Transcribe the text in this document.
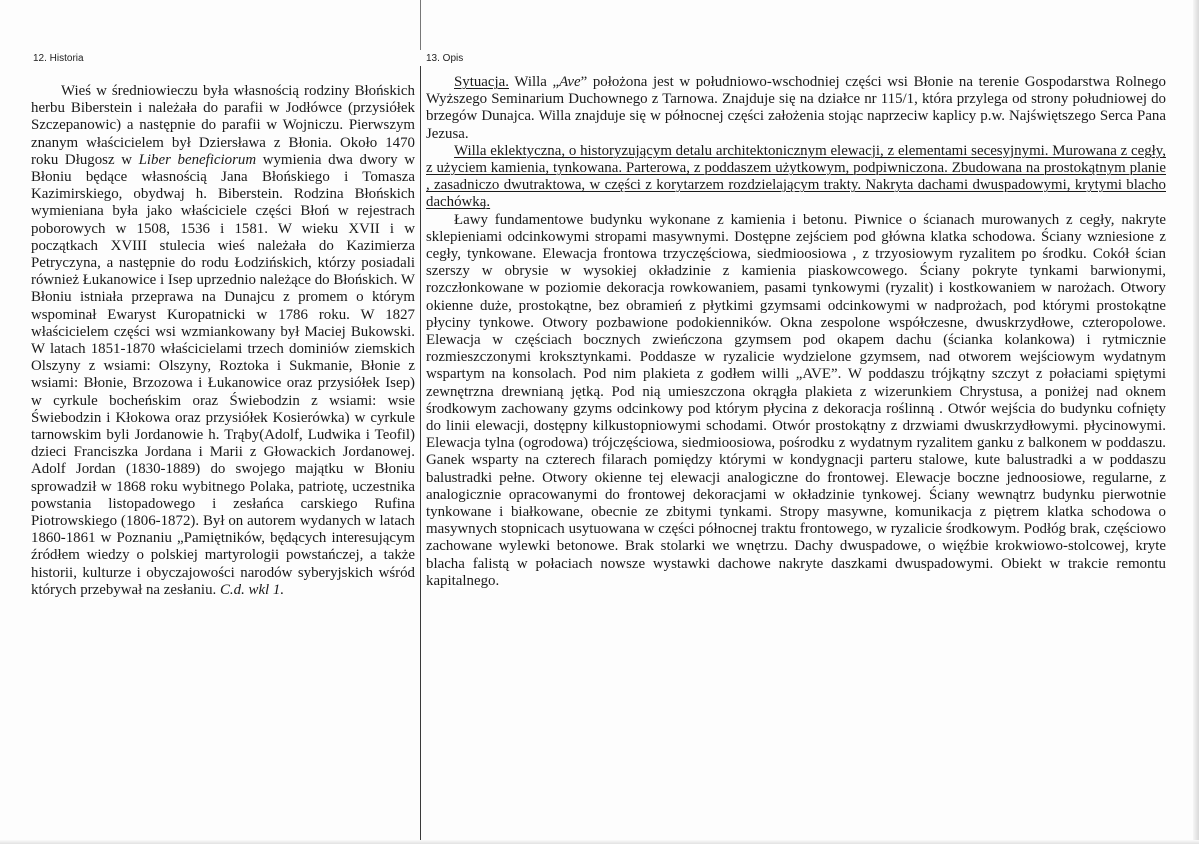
12. Historia	13. Opis

Wieś w średniowieczu była własnością rodziny Błońskich herbu Biberstein i należała do parafii w Jodłówce (przysiółek Szczepanowic) a następnie do parafii w Wojniczu. Pierwszym znanym właścicielem był Dziersława z Błonia. Około 1470 roku Długosz w Liber beneficiorum wymienia dwa dwory w Błoniu będące własnością Jana Błońskiego i Tomasza Kazimirskiego, obydwaj h. Biberstein. Rodzina Błońskich wymieniana była jako właściciele części Błoń w rejestrach poborowych w 1508, 1536 i 1581. W wieku XVII i w początkach XVIII stulecia wieś należała do Kazimierza Petryczyna, a następnie do rodu Łodzińskich, którzy posiadali również Łukanowice i Isep uprzednio należące do Błońskich. W Błoniu istniała przeprawa na Dunajcu z promem o którym wspominał Ewaryst Kuropatnicki w 1786 roku. W 1827 właścicielem części wsi wzmiankowany był Maciej Bukowski. W latach 1851-1870 właścicielami trzech dominiów ziemskich Olszyny z wsiami: Olszyny, Roztoka i Sukmanie, Błonie z wsiami: Błonie, Brzozowa i Łukanowice oraz przysiółek Isep) w cyrkule bocheńskim oraz Świebodzin z wsiami: wsie Świebodzin i Kłokowa oraz przysiółek Kosierówka) w cyrkule tarnowskim byli Jordanowie h. Trąby(Adolf, Ludwika i Teofil) dzieci Franciszka Jordana i Marii z Głowackich Jordanowej. Adolf Jordan (1830-1889) do swojego majątku w Błoniu sprowadził w 1868 roku wybitnego Polaka, patriotę, uczestnika powstania listopadowego i zesłańca carskiego Rufina Piotrowskiego (1806-1872). Był on autorem wydanych w latach 1860-1861 w Poznaniu „Pamiętników, będących interesującym źródłem wiedzy o polskiej martyrologii powstańczej, a także historii, kulturze i obyczajowości narodów syberyjskich wśród których przebywał na zesłaniu. C.d. wkl 1.

Sytuacja. Willa „Ave” położona jest w południowo-wschodniej części wsi Błonie na terenie Gospodarstwa Rolnego Wyższego Seminarium Duchownego z Tarnowa. Znajduje się na działce nr 115/1, która przylega od strony południowej do brzegów Dunajca. Willa znajduje się w północnej części założenia stojąc naprzeciw kaplicy p.w. Najświętszego Serca Pana Jezusa.

Willa eklektyczna, o historyzującym detalu architektonicznym elewacji, z elementami secesyjnymi. Murowana z cegły, z użyciem kamienia, tynkowana. Parterowa, z poddaszem użytkowym, podpiwniczona. Zbudowana na prostokątnym planie , zasadniczo dwutraktowa, w części z korytarzem rozdzielającym trakty. Nakryta dachami dwuspadowymi, krytymi blacho dachówką.

Ławy fundamentowe budynku wykonane z kamienia i betonu. Piwnice o ścianach murowanych z cegły, nakryte sklepieniami odcinkowymi stropami masywnymi. Dostępne zejściem pod główna klatka schodowa. Ściany wzniesione z cegły, tynkowane. Elewacja frontowa trzyczęściowa, siedmioosiowa , z trzyosiowym ryzalitem po środku. Cokół ścian szerszy w obrysie w wysokiej okładzinie z kamienia piaskowcowego. Ściany pokryte tynkami barwionymi, rozczłonkowane w poziomie dekoracja rowkowaniem, pasami tynkowymi (ryzalit) i kostkowaniem w narożach. Otwory okienne duże, prostokątne, bez obramień z płytkimi gzymsami odcinkowymi w nadprożach, pod którymi prostokątne płyciny tynkowe. Otwory pozbawione podokienników. Okna zespolone współczesne, dwuskrzydłowe, czteropolowe. Elewacja w częściach bocznych zwieńczona gzymsem pod okapem dachu (ścianka kolankowa) i rytmicznie rozmieszczonymi kroksztynkami. Poddasze w ryzalicie wydzielone gzymsem, nad otworem wejściowym wydatnym wspartym na konsolach. Pod nim plakieta z godłem willi „AVE”. W poddaszu trójkątny szczyt z połaciami spiętymi zewnętrzna drewnianą jętką. Pod nią umieszczona okrągła plakieta z wizerunkiem Chrystusa, a poniżej nad oknem środkowym zachowany gzyms odcinkowy pod którym płycina z dekoracja roślinną . Otwór wejścia do budynku cofnięty do linii elewacji, dostępny kilkustopniowymi schodami. Otwór prostokątny z drzwiami dwuskrzydłowymi. płycinowymi. Elewacja tylna (ogrodowa) trójczęściowa, siedmioosiowa, pośrodku z wydatnym ryzalitem ganku z balkonem w poddaszu. Ganek wsparty na czterech filarach pomiędzy którymi w kondygnacji parteru stalowe, kute balustradki a w poddaszu balustradki pełne. Otwory okienne tej elewacji analogiczne do frontowej. Elewacje boczne jednoosiowe, regularne, z analogicznie opracowanymi do frontowej dekoracjami w okładzinie tynkowej. Ściany wewnątrz budynku pierwotnie tynkowane i białkowane, obecnie ze zbitymi tynkami. Stropy masywne, komunikacja z piętrem klatka schodowa o masywnych stopnicach usytuowana w części północnej traktu frontowego, w ryzalicie środkowym. Podłóg brak, częściowo zachowane wylewki betonowe. Brak stolarki we wnętrzu. Dachy dwuspadowe, o więźbie krokwiowo-stolcowej, kryte blacha falistą w połaciach nowsze wystawki dachowe nakryte daszkami dwuspadowymi. Obiekt w trakcie remontu kapitalnego.
